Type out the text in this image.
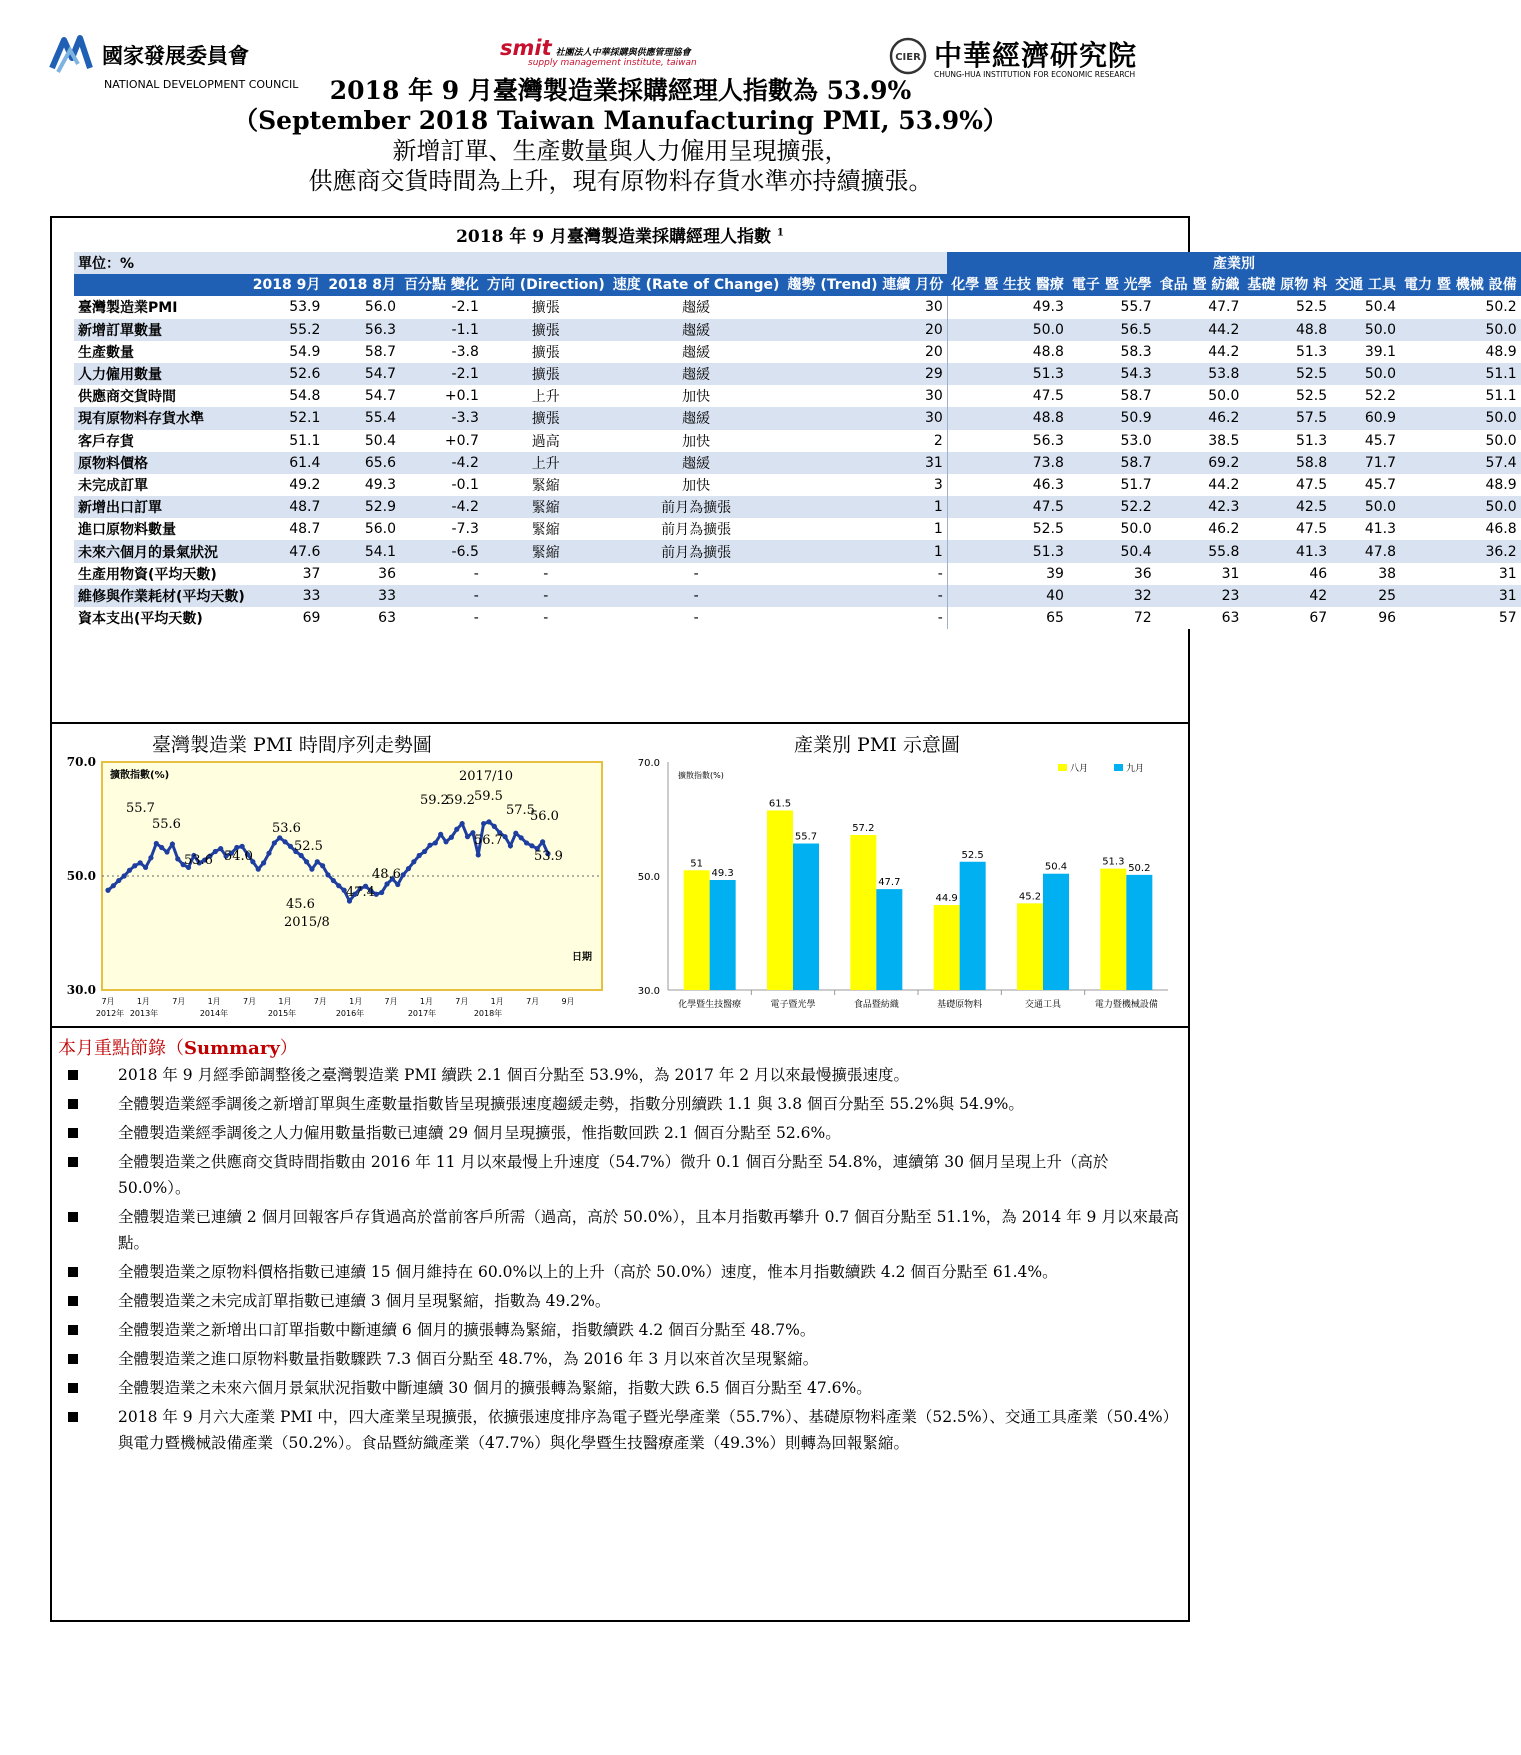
國家發展委員會
NATIONAL DEVELOPMENT COUNCIL
smit 社團法人中華採購與供應管理協會
supply management institute, taiwan	CIER 中華經濟研究院
CHUNG-HUA INSTITUTION FOR ECONOMIC RESEARCH
2018 年 9 月臺灣製造業採購經理人指數為 53.9%
（September 2018 Taiwan Manufacturing PMI, 53.9%）
新增訂單、生產數量與人力僱用呈現擴張，
供應商交貨時間為上升，現有原物料存貨水準亦持續擴張。
2018 年 9 月臺灣製造業採購經理人指數 $^1$
單位：%							產業別					
	2018 9月	2018 8月	百分點 變化	方向 (Direction)	速度 (Rate of Change)	趨勢 (Trend) 連續 月份	化學 暨 生技 醫療	電子 暨 光學	食品 暨 紡織	基礎 原物 料	交通 工具	電力 暨 機械 設備
臺灣製造業PMI	53.9	56.0	-2.1	擴張	趨緩	30	49.3	55.7	47.7	52.5	50.4	50.2
新增訂單數量	55.2	56.3	-1.1	擴張	趨緩	20	50.0	56.5	44.2	48.8	50.0	50.0
生產數量	54.9	58.7	-3.8	擴張	趨緩	20	48.8	58.3	44.2	51.3	39.1	48.9
人力僱用數量	52.6	54.7	-2.1	擴張	趨緩	29	51.3	54.3	53.8	52.5	50.0	51.1
供應商交貨時間	54.8	54.7	+0.1	上升	加快	30	47.5	58.7	50.0	52.5	52.2	51.1
現有原物料存貨水準	52.1	55.4	-3.3	擴張	趨緩	30	48.8	50.9	46.2	57.5	60.9	50.0
客戶存貨	51.1	50.4	+0.7	過高	加快	2	56.3	53.0	38.5	51.3	45.7	50.0
原物料價格	61.4	65.6	-4.2	上升	趨緩	31	73.8	58.7	69.2	58.8	71.7	57.4
未完成訂單	49.2	49.3	-0.1	緊縮	加快	3	46.3	51.7	44.2	47.5	45.7	48.9
新增出口訂單	48.7	52.9	-4.2	緊縮	前月為擴張	1	47.5	52.2	42.3	42.5	50.0	50.0
進口原物料數量	48.7	56.0	-7.3	緊縮	前月為擴張	1	52.5	50.0	46.2	47.5	41.3	46.8
未來六個月的景氣狀況	47.6	54.1	-6.5	緊縮	前月為擴張	1	51.3	50.4	55.8	41.3	47.8	36.2
生產用物資(平均天數)	37	36	-	-	-	-	39	36	31	46	38	31
維修與作業耗材(平均天數)	33	33	-	-	-	-	40	32	23	42	25	31
資本支出(平均天數)	69	63	-	-	-	-	65	72	63	67	96	57
臺灣製造業 PMI 時間序列走勢圖	產業別 PMI 示意圖
70.0
50.0
30.0
擴散指數(%)
日期
55.7
55.6
53.6 54.0
53.6
52.5
45.6
2015/8
47.4
48.6
59.2
59.2 59.5
2017/10
57.5
56.7
56.0
53.9
7月	1月	7月	1月	7月	1月	7月	1月	7月	1月	7月	1月	7月	9月
2012年 2013年	2014年	2015年	2016年	2017年	2018年
70.0
50.0
30.0
擴散指數(%)
八月	九月
51
49.3
化學暨生技醫療
61.5
55.7
電子暨光學
57.2
47.7
食品暨紡織
44.9
52.5
基礎原物料
45.2
50.4
交通工具
51.3
50.2
電力暨機械設備
本月重點節錄（Summary）
2018 年 9 月經季節調整後之臺灣製造業 PMI 續跌 2.1 個百分點至 53.9%，為 2017 年 2 月以來最慢擴張速度。
全體製造業經季調後之新增訂單與生產數量指數皆呈現擴張速度趨緩走勢，指數分別續跌 1.1 與 3.8 個百分點至 55.2%與 54.9%。
全體製造業經季調後之人力僱用數量指數已連續 29 個月呈現擴張，惟指數回跌 2.1 個百分點至 52.6%。
全體製造業之供應商交貨時間指數由 2016 年 11 月以來最慢上升速度（54.7%）微升 0.1 個百分點至 54.8%，連續第 30 個月呈現上升（高於 50.0%）。
全體製造業已連續 2 個月回報客戶存貨過高於當前客戶所需（過高，高於 50.0%），且本月指數再攀升 0.7 個百分點至 51.1%，為 2014 年 9 月以來最高點。
全體製造業之原物料價格指數已連續 15 個月維持在 60.0%以上的上升（高於 50.0%）速度，惟本月指數續跌 4.2 個百分點至 61.4%。
全體製造業之未完成訂單指數已連續 3 個月呈現緊縮，指數為 49.2%。
全體製造業之新增出口訂單指數中斷連續 6 個月的擴張轉為緊縮，指數續跌 4.2 個百分點至 48.7%。
全體製造業之進口原物料數量指數驟跌 7.3 個百分點至 48.7%，為 2016 年 3 月以來首次呈現緊縮。
全體製造業之未來六個月景氣狀況指數中斷連續 30 個月的擴張轉為緊縮，指數大跌 6.5 個百分點至 47.6%。
2018 年 9 月六大產業 PMI 中，四大產業呈現擴張，依擴張速度排序為電子暨光學產業（55.7%）、基礎原物料產業（52.5%）、交通工具產業（50.4%）與電力暨機械設備產業（50.2%）。食品暨紡織產業（47.7%）與化學暨生技醫療產業（49.3%）則轉為回報緊縮。
